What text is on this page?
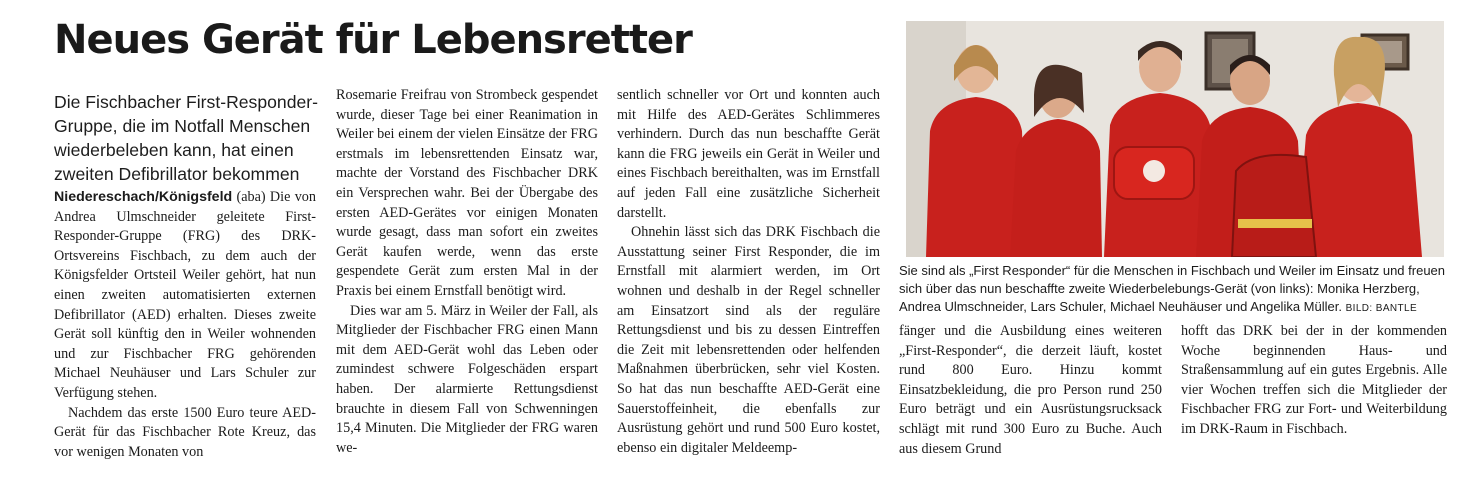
Neues Gerät für Lebensretter
Die Fischbacher First-Responder-
Gruppe, die im Notfall Menschen
wiederbeleben kann, hat einen
zweiten Defibrillator bekommen

Niedereschach/Königsfeld (aba) Die von Andrea Ulmschneider geleitete First-Responder-Gruppe (FRG) des DRK-Ortsvereins Fischbach, zu dem auch der Königsfelder Ortsteil Weiler gehört, hat nun einen zweiten automatisierten externen Defibrillator (AED) erhalten. Dieses zweite Gerät soll künftig den in Weiler wohnenden und zur Fischbacher FRG gehörenden Michael Neuhäuser und Lars Schuler zur Verfügung stehen.

Nachdem das erste 1500 Euro teure AED-Gerät für das Fischbacher Rote Kreuz, das vor wenigen Monaten von

Rosemarie Freifrau von Strombeck gespendet wurde, dieser Tage bei einer Reanimation in Weiler bei einem der vielen Einsätze der FRG erstmals im lebensrettenden Einsatz war, machte der Vorstand des Fischbacher DRK ein Versprechen wahr. Bei der Übergabe des ersten AED-Gerätes vor einigen Monaten wurde gesagt, dass man sofort ein zweites Gerät kaufen werde, wenn das erste gespendete Gerät zum ersten Mal in der Praxis bei einem Ernstfall benötigt wird.

Dies war am 5. März in Weiler der Fall, als Mitglieder der Fischbacher FRG einen Mann mit dem AED-Gerät wohl das Leben oder zumindest schwere Folgeschäden erspart haben. Der alarmierte Rettungsdienst brauchte in diesem Fall von Schwenningen 15,4 Minuten. Die Mitglieder der FRG waren we-

sentlich schneller vor Ort und konnten auch mit Hilfe des AED-Gerätes Schlimmeres verhindern. Durch das nun beschaffte Gerät kann die FRG jeweils ein Gerät in Weiler und eines Fischbach bereithalten, was im Ernstfall auf jeden Fall eine zusätzliche Sicherheit darstellt.

Ohnehin lässt sich das DRK Fischbach die Ausstattung seiner First Responder, die im Ernstfall mit alarmiert werden, im Ort wohnen und deshalb in der Regel schneller am Einsatzort sind als der reguläre Rettungsdienst und bis zu dessen Eintreffen die Zeit mit lebensrettenden oder helfenden Maßnahmen überbrücken, sehr viel Kosten. So hat das nun beschaffte AED-Gerät eine Sauerstoffeinheit, die ebenfalls zur Ausrüstung gehört und rund 500 Euro kostet, ebenso ein digitaler Meldeemp-

fänger und die Ausbildung eines weiteren „First-Responder“, die derzeit läuft, kostet rund 800 Euro. Hinzu kommt Einsatzbekleidung, die pro Person rund 250 Euro beträgt und ein Ausrüstungsrucksack schlägt mit rund 300 Euro zu Buche. Auch aus diesem Grund

hofft das DRK bei der in der kommenden Woche beginnenden Haus- und Straßensammlung auf ein gutes Ergebnis. Alle vier Wochen treffen sich die Mitglieder der Fischbacher FRG zur Fort- und Weiterbildung im DRK-Raum in Fischbach.

Sie sind als „First Responder“ für die Menschen in Fischbach und Weiler im Einsatz und freuen
sich über das nun beschaffte zweite Wiederbelebungs-Gerät (von links): Monika Herzberg,
Andrea Ulmschneider, Lars Schuler, Michael Neuhäuser und Angelika Müller. BILD: BANTLE
